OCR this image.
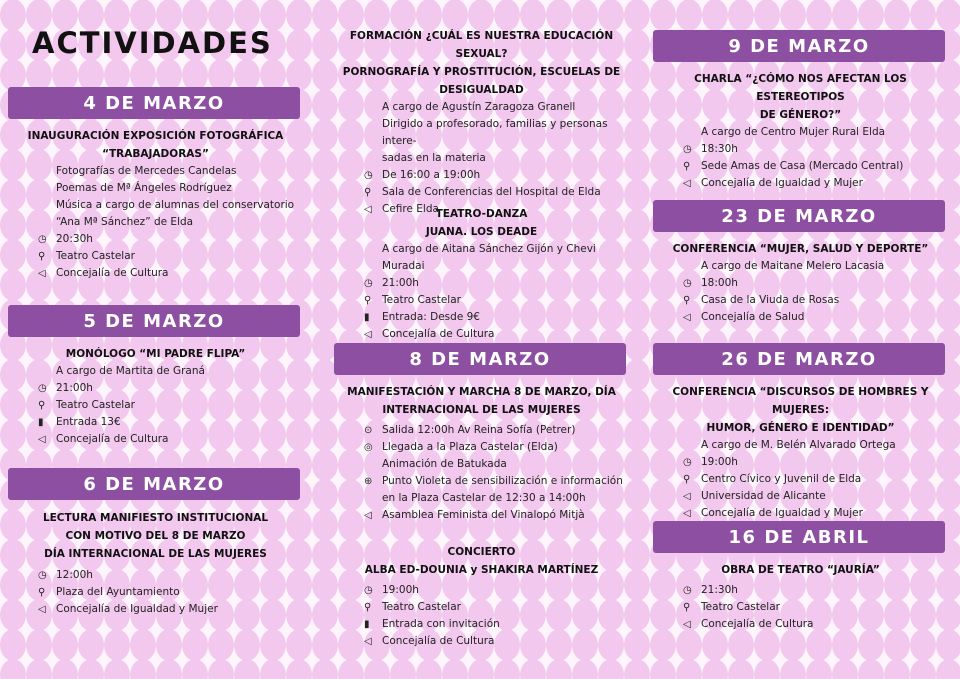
ACTIVIDADES
4 DE MARZO
INAUGURACIÓN EXPOSICIÓN FOTOGRÁFICA
“TRABAJADORAS”
Fotografías de Mercedes Candelas
Poemas de Mª Ángeles Rodríguez
Música a cargo de alumnas del conservatorio
“Ana Mª Sánchez” de Elda
◷ 20:30h
⚲	Teatro Castelar
◁ Concejalía de Cultura
5 DE MARZO
MONÓLOGO “MI PADRE FLIPA”
A cargo de Martita de Graná
◷ 21:00h
⚲	Teatro Castelar
▮	Entrada 13€
◁ Concejalía de Cultura
6 DE MARZO
LECTURA MANIFIESTO INSTITUCIONAL
CON MOTIVO DEL 8 DE MARZO
DÍA INTERNACIONAL DE LAS MUJERES
◷ 12:00h
⚲	Plaza del Ayuntamiento
◁ Concejalía de Igualdad y Mujer
FORMACIÓN ¿CUÁL ES NUESTRA EDUCACIÓN SEXUAL?
PORNOGRAFÍA Y PROSTITUCIÓN, ESCUELAS DE
DESIGUALDAD
A cargo de Agustín Zaragoza Granell
Dirigido a profesorado, familias y personas intere-
sadas en la materia
◷ De 16:00 a 19:00h
⚲	Sala de Conferencias del Hospital de Elda
◁ Cefire Elda
TEATRO-DANZA
JUANA. LOS DEADE
A cargo de Aitana Sánchez Gijón y Chevi Muradai
◷ 21:00h
⚲	Teatro Castelar
▮	Entrada: Desde 9€
◁ Concejalía de Cultura
8 DE MARZO
MANIFESTACIÓN Y MARCHA 8 DE MARZO, DÍA
INTERNACIONAL DE LAS MUJERES
⊙ Salida 12:00h Av Reina Sofía (Petrer)
◎ Llegada a la Plaza Castelar (Elda)
Animación de Batukada
⊕ Punto Violeta de sensibilización e información
en la Plaza Castelar de 12:30 a 14:00h
◁ Asamblea Feminista del Vinalopó Mitjà
CONCIERTO
ALBA ED-DOUNIA y SHAKIRA MARTÍNEZ
◷ 19:00h
⚲	Teatro Castelar
▮	Entrada con invitación
◁ Concejalía de Cultura
9 DE MARZO
CHARLA “¿CÓMO NOS AFECTAN LOS ESTEREOTIPOS
DE GÉNERO?”
A cargo de Centro Mujer Rural Elda
◷ 18:30h
⚲	Sede Amas de Casa (Mercado Central)
◁ Concejalía de Igualdad y Mujer
23 DE MARZO
CONFERENCIA “MUJER, SALUD Y DEPORTE”
A cargo de Maitane Melero Lacasia
◷ 18:00h
⚲	Casa de la Viuda de Rosas
◁ Concejalía de Salud
26 DE MARZO
CONFERENCIA “DISCURSOS DE HOMBRES Y MUJERES:
HUMOR, GÉNERO E IDENTIDAD”
A cargo de M. Belén Alvarado Ortega
◷ 19:00h
⚲	Centro Cívico y Juvenil de Elda
◁ Universidad de Alicante
◁ Concejalía de Igualdad y Mujer
16 DE ABRIL
OBRA DE TEATRO “JAURÍA”
◷ 21:30h
⚲	Teatro Castelar
◁ Concejalía de Cultura
